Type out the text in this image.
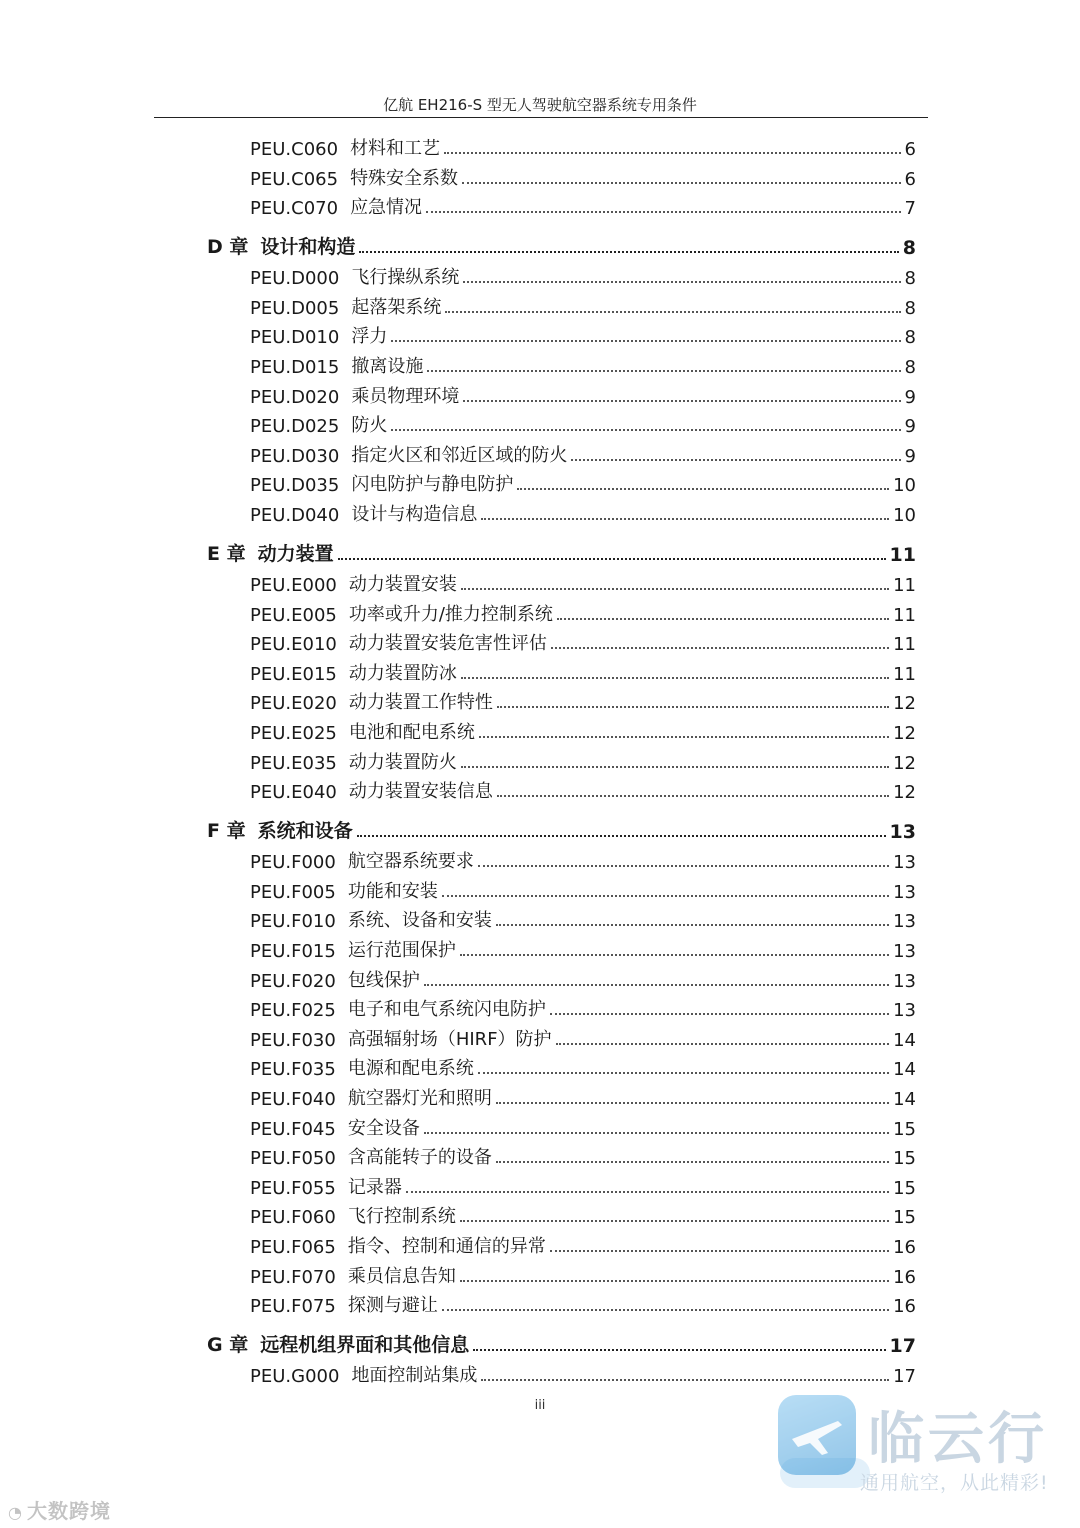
亿航 EH216-S 型无人驾驶航空器系统专用条件
PEU.C060 材料和工艺	6
PEU.C065 特殊安全系数	6
PEU.C070 应急情况	7
D 章 设计和构造	8
PEU.D000 飞行操纵系统	8
PEU.D005 起落架系统	8
PEU.D010 浮力	8
PEU.D015 撤离设施	8
PEU.D020 乘员物理环境	9
PEU.D025 防火	9
PEU.D030 指定火区和邻近区域的防火	9
PEU.D035 闪电防护与静电防护	10
PEU.D040 设计与构造信息	10
E 章 动力装置	11
PEU.E000 动力装置安装	11
PEU.E005 功率或升力/推力控制系统	11
PEU.E010 动力装置安装危害性评估	11
PEU.E015 动力装置防冰	11
PEU.E020 动力装置工作特性	12
PEU.E025 电池和配电系统	12
PEU.E035 动力装置防火	12
PEU.E040 动力装置安装信息	12
F 章 系统和设备	13
PEU.F000 航空器系统要求	13
PEU.F005 功能和安装	13
PEU.F010 系统、设备和安装	13
PEU.F015 运行范围保护	13
PEU.F020 包线保护	13
PEU.F025 电子和电气系统闪电防护	13
PEU.F030 高强辐射场（HIRF）防护	14
PEU.F035 电源和配电系统	14
PEU.F040 航空器灯光和照明	14
PEU.F045 安全设备	15
PEU.F050 含高能转子的设备	15
PEU.F055 记录器	15
PEU.F060 飞行控制系统	15
PEU.F065 指令、控制和通信的异常	16
PEU.F070 乘员信息告知	16
PEU.F075 探测与避让	16
G 章 远程机组界面和其他信息	17
PEU.G000 地面控制站集成	17
iii
临云行
通用航空，从此精彩!
◔ 大数跨境
